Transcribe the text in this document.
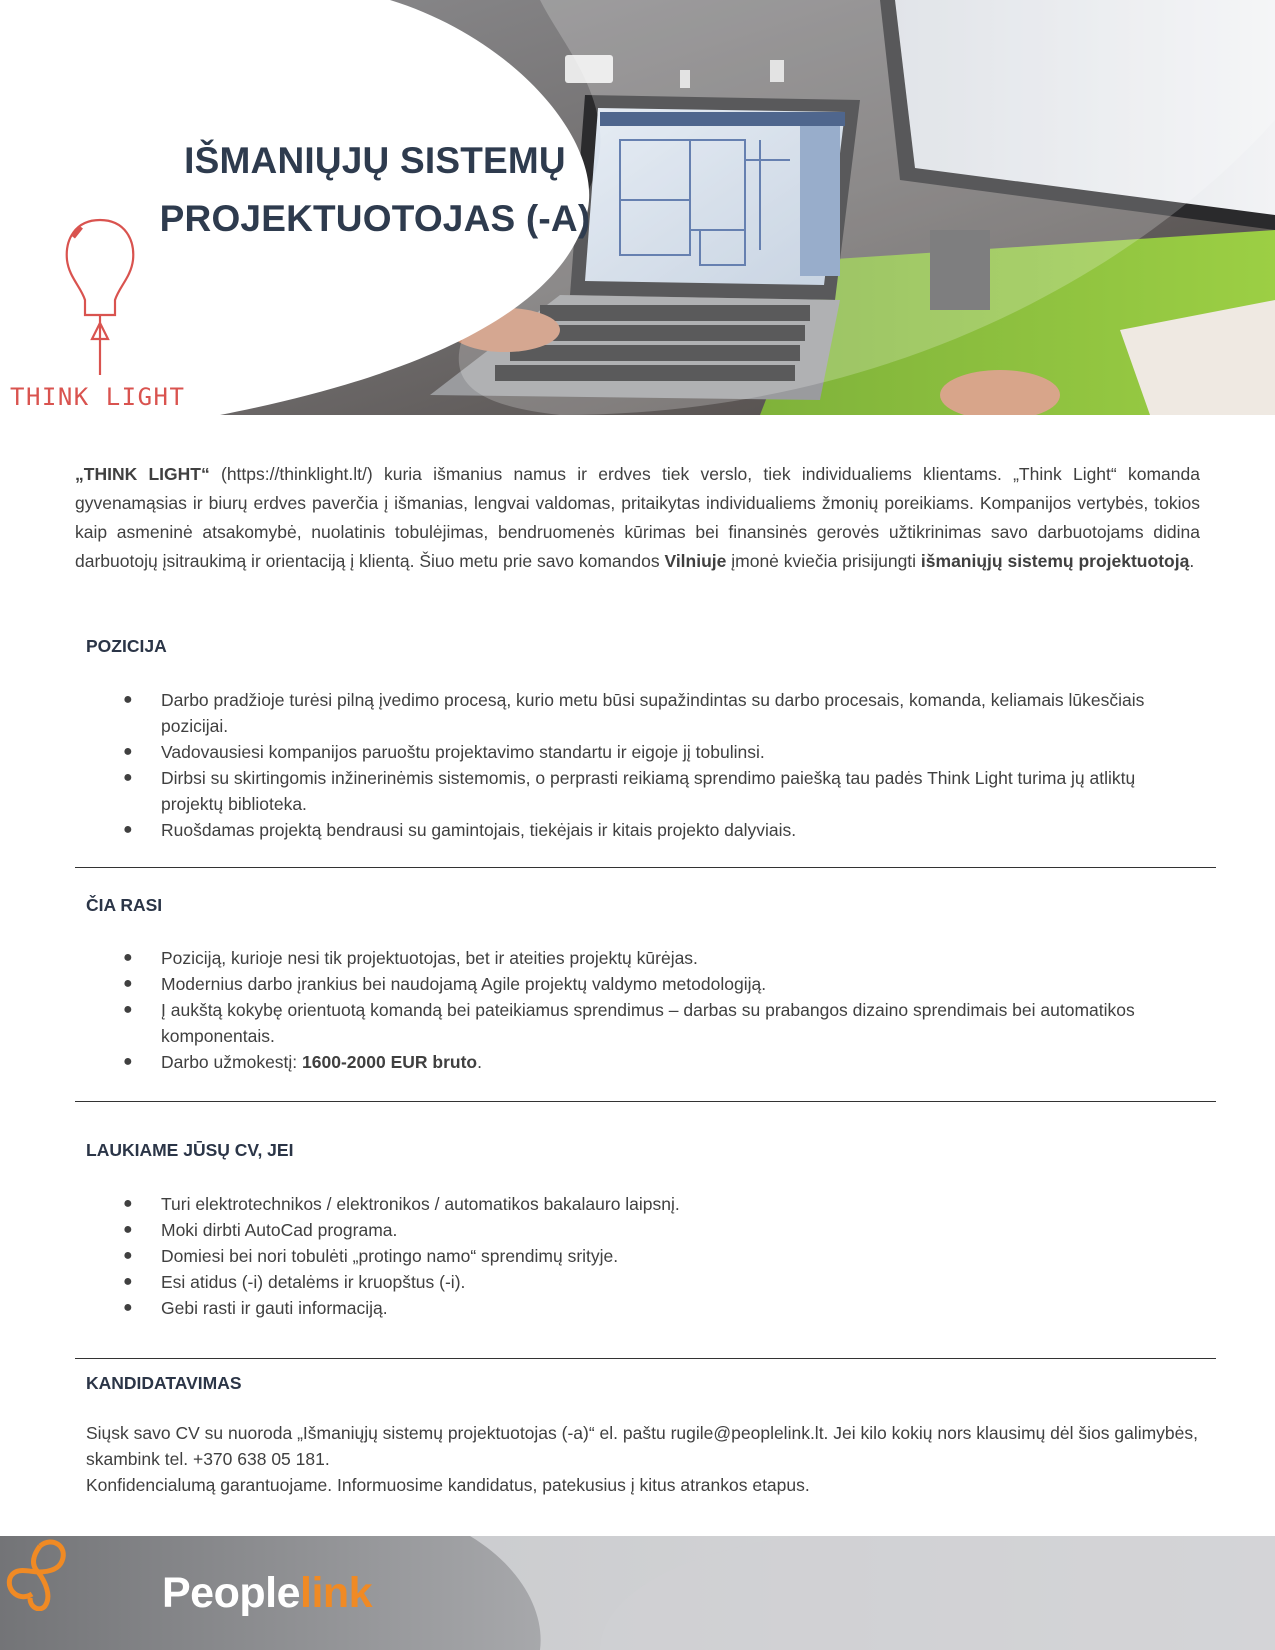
IŠMANIŲJŲ SISTEMŲ
PROJEKTUOTOJAS (-A)

THINK LIGHT

„THINK LIGHT“ (https://thinklight.lt/) kuria išmanius namus ir erdves tiek verslo, tiek individualiems klientams. „Think Light“ komanda gyvenamąsias ir biurų erdves paverčia į išmanias, lengvai valdomas, pritaikytas individualiems žmonių poreikiams. Kompanijos vertybės, tokios kaip asmeninė atsakomybė, nuolatinis tobulėjimas, bendruomenės kūrimas bei finansinės gerovės užtikrinimas savo darbuotojams didina darbuotojų įsitraukimą ir orientaciją į klientą. Šiuo metu prie savo komandos Vilniuje įmonė kviečia prisijungti išmaniųjų sistemų projektuotoją.

POZICIJA
● Darbo pradžioje turėsi pilną įvedimo procesą, kurio metu būsi supažindintas su darbo procesais, komanda, keliamais lūkesčiais pozicijai.
● Vadovausiesi kompanijos paruoštu projektavimo standartu ir eigoje jį tobulinsi.
● Dirbsi su skirtingomis inžinerinėmis sistemomis, o perprasti reikiamą sprendimo paiešką tau padės Think Light turima jų atliktų projektų biblioteka.
● Ruošdamas projektą bendrausi su gamintojais, tiekėjais ir kitais projekto dalyviais.
ČIA RASI
● Poziciją, kurioje nesi tik projektuotojas, bet ir ateities projektų kūrėjas.
● Modernius darbo įrankius bei naudojamą Agile projektų valdymo metodologiją.
● Į aukštą kokybę orientuotą komandą bei pateikiamus sprendimus – darbas su prabangos dizaino sprendimais bei automatikos komponentais.
● Darbo užmokestį: 1600-2000 EUR bruto.
LAUKIAME JŪSŲ CV, JEI
● Turi elektrotechnikos / elektronikos / automatikos bakalauro laipsnį.
● Moki dirbti AutoCad programa.
● Domiesi bei nori tobulėti „protingo namo“ sprendimų srityje.
● Esi atidus (-i) detalėms ir kruopštus (-i).
● Gebi rasti ir gauti informaciją.
KANDIDATAVIMAS

Siųsk savo CV su nuoroda „Išmaniųjų sistemų projektuotojas (-a)“ el. paštu rugile@peoplelink.lt. Jei kilo kokių nors klausimų dėl šios galimybės, skambink tel. +370 638 05 181.
Konfidencialumą garantuojame. Informuosime kandidatus, patekusius į kitus atrankos etapus.

Peoplelink
